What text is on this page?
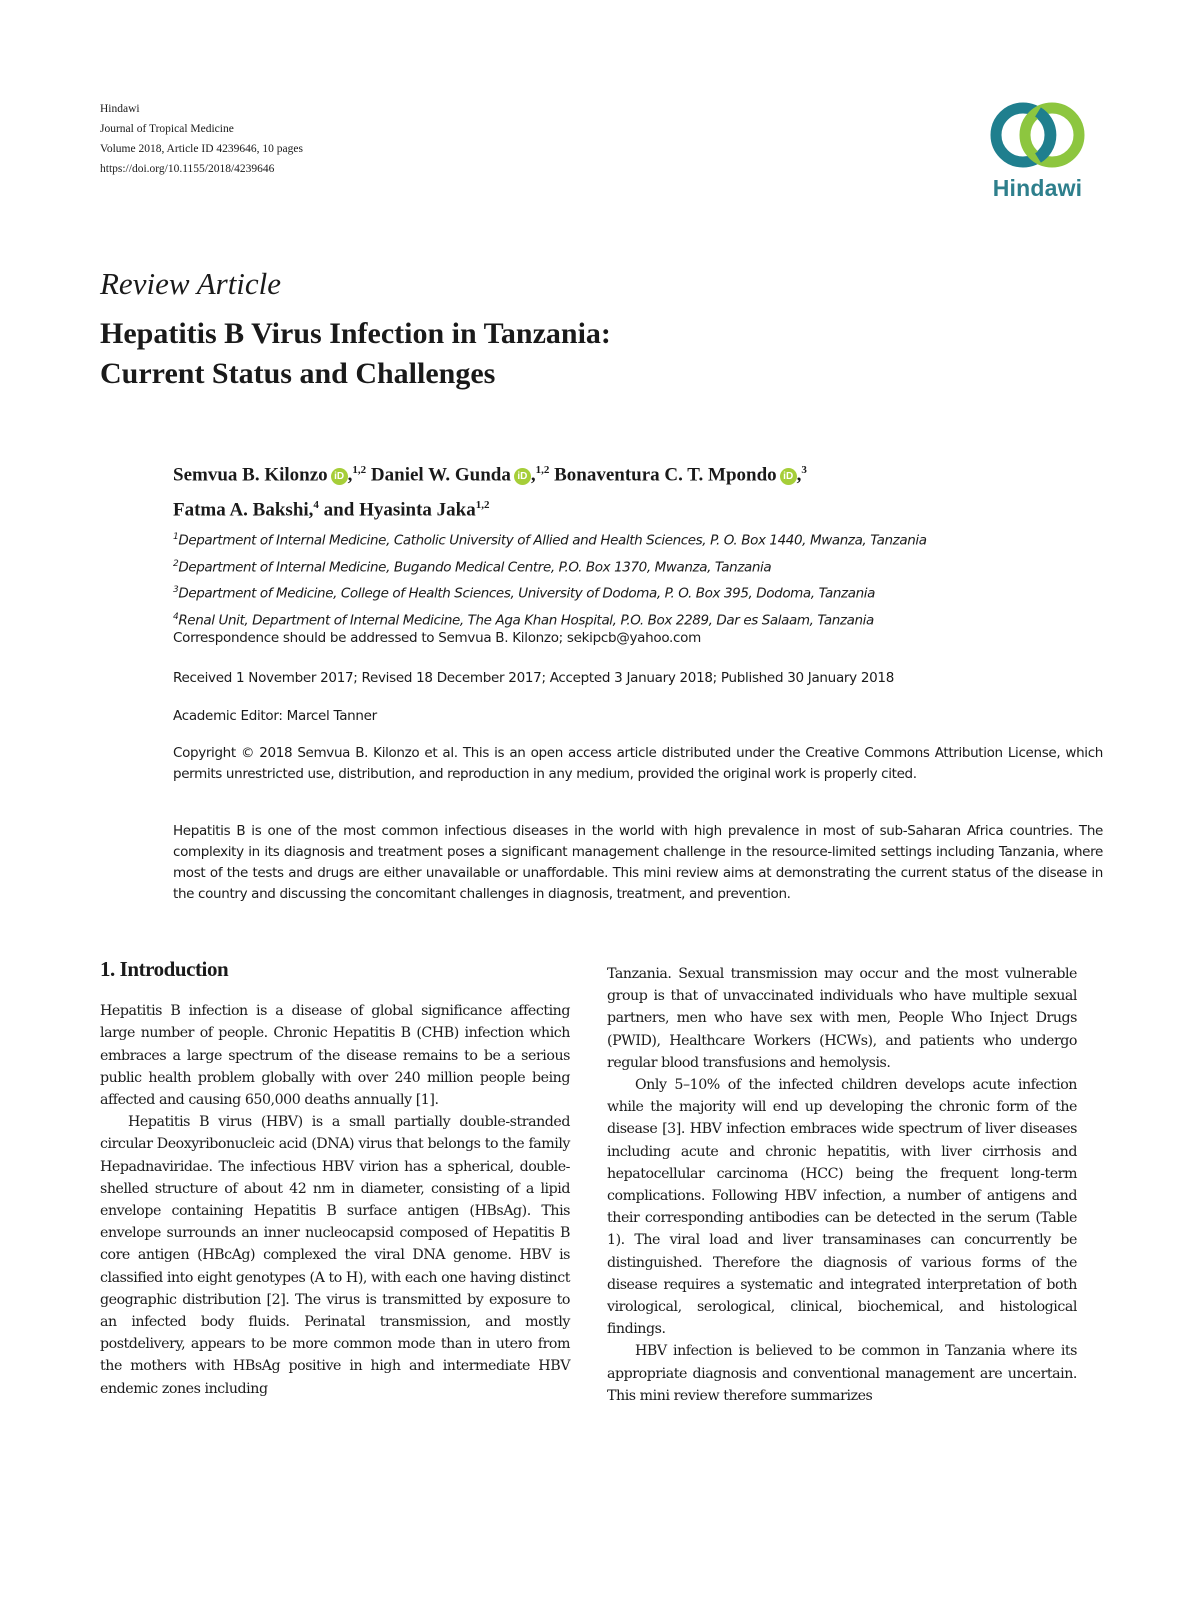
Hindawi
Journal of Tropical Medicine
Volume 2018, Article ID 4239646, 10 pages
https://doi.org/10.1155/2018/4239646
Hindawi
Review Article
Hepatitis B Virus Infection in Tanzania:
Current Status and Challenges
Semvua B. Kilonzo iD ,$^{1,2}$ Daniel W. Gunda iD ,$^{1,2}$ Bonaventura C. T. Mpondo iD ,$^3$
Fatma A. Bakshi,$^4$ and Hyasinta Jaka$^{1,2}$
$^1$Department of Internal Medicine, Catholic University of Allied and Health Sciences, P. O. Box 1440, Mwanza, Tanzania
$^2$Department of Internal Medicine, Bugando Medical Centre, P.O. Box 1370, Mwanza, Tanzania
$^3$Department of Medicine, College of Health Sciences, University of Dodoma, P. O. Box 395, Dodoma, Tanzania
$^4$Renal Unit, Department of Internal Medicine, The Aga Khan Hospital, P.O. Box 2289, Dar es Salaam, Tanzania
Correspondence should be addressed to Semvua B. Kilonzo; sekipcb@yahoo.com
Received 1 November 2017; Revised 18 December 2017; Accepted 3 January 2018; Published 30 January 2018
Academic Editor: Marcel Tanner
Copyright © 2018 Semvua B. Kilonzo et al. This is an open access article distributed under the Creative Commons Attribution License, which permits unrestricted use, distribution, and reproduction in any medium, provided the original work is properly cited.
Hepatitis B is one of the most common infectious diseases in the world with high prevalence in most of sub-Saharan Africa countries. The complexity in its diagnosis and treatment poses a significant management challenge in the resource-limited settings including Tanzania, where most of the tests and drugs are either unavailable or unaffordable. This mini review aims at demonstrating the current status of the disease in the country and discussing the concomitant challenges in diagnosis, treatment, and prevention.
1. Introduction

Hepatitis B infection is a disease of global significance affecting large number of people. Chronic Hepatitis B (CHB) infection which embraces a large spectrum of the disease remains to be a serious public health problem globally with over 240 million people being affected and causing 650,000 deaths annually [1].

Hepatitis B virus (HBV) is a small partially double-stranded circular Deoxyribonucleic acid (DNA) virus that belongs to the family Hepadnaviridae. The infectious HBV virion has a spherical, double-shelled structure of about 42 nm in diameter, consisting of a lipid envelope containing Hepatitis B surface antigen (HBsAg). This envelope surrounds an inner nucleocapsid composed of Hepatitis B core antigen (HBcAg) complexed the viral DNA genome. HBV is classified into eight genotypes (A to H), with each one having distinct geographic distribution [2]. The virus is transmitted by exposure to an infected body fluids. Perinatal transmission, and mostly postdelivery, appears to be more common mode than in utero from the mothers with HBsAg positive in high and intermediate HBV endemic zones including

Tanzania. Sexual transmission may occur and the most vulnerable group is that of unvaccinated individuals who have multiple sexual partners, men who have sex with men, People Who Inject Drugs (PWID), Healthcare Workers (HCWs), and patients who undergo regular blood transfusions and hemolysis.

Only 5–10% of the infected children develops acute infection while the majority will end up developing the chronic form of the disease [3]. HBV infection embraces wide spectrum of liver diseases including acute and chronic hepatitis, with liver cirrhosis and hepatocellular carcinoma (HCC) being the frequent long-term complications. Following HBV infection, a number of antigens and their corresponding antibodies can be detected in the serum (Table 1). The viral load and liver transaminases can concurrently be distinguished. Therefore the diagnosis of various forms of the disease requires a systematic and integrated interpretation of both virological, serological, clinical, biochemical, and histological findings.

HBV infection is believed to be common in Tanzania where its appropriate diagnosis and conventional management are uncertain. This mini review therefore summarizes
